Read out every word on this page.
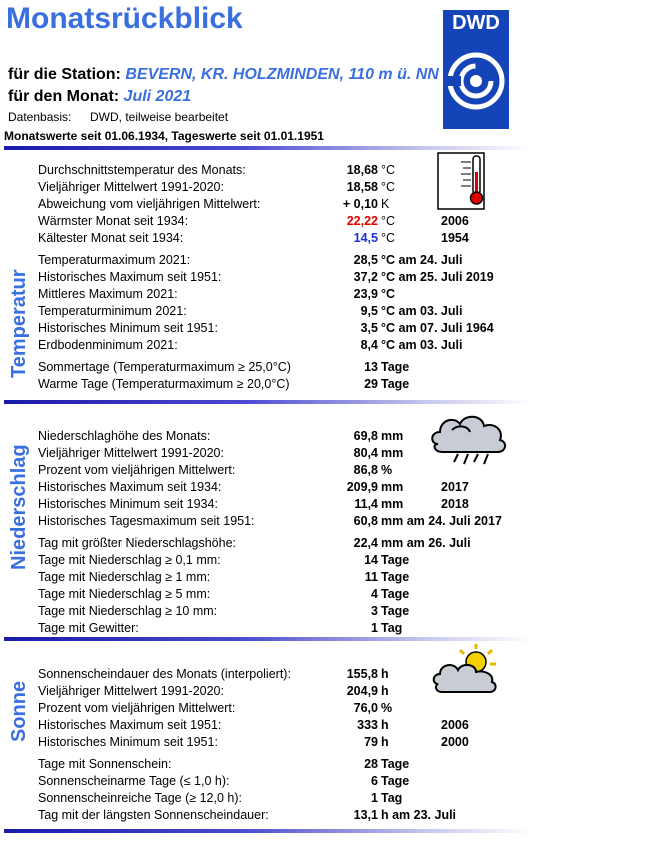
Monatsrückblick
für die Station: BEVERN, KR. HOLZMINDEN, 110 m ü. NN
für den Monat: Juli 2021
Datenbasis: DWD, teilweise bearbeitet
Monatswerte seit 01.06.1934, Tageswerte seit 01.01.1951
DWD
Temperatur
Niederschlag
Sonne
Durchschnittstemperatur des Monats:	18,68 °C
Vieljähriger Mittelwert 1991-2020:	18,58 °C
Abweichung vom vieljährigen Mittelwert:	+ 0,10 K
Wärmster Monat seit 1934:	22,22 °C	2006
Kältester Monat seit 1934:	14,5 °C	1954
Temperaturmaximum 2021:	28,5 °C am 24. Juli
Historisches Maximum seit 1951:	37,2 °C am 25. Juli 2019
Mittleres Maximum 2021:	23,9 °C
Temperaturminimum 2021:	9,5 °C am 03. Juli
Historisches Minimum seit 1951:	3,5 °C am 07. Juli 1964
Erdbodenminimum 2021:	8,4 °C am 03. Juli
Sommertage (Temperaturmaximum ≥ 25,0°C)	13 Tage
Warme Tage (Temperaturmaximum ≥ 20,0°C)	29 Tage
Niederschlaghöhe des Monats:	69,8 mm
Vieljähriger Mittelwert 1991-2020:	80,4 mm
Prozent vom vieljährigen Mittelwert:	86,8 %
Historisches Maximum seit 1934:	209,9 mm	2017
Historisches Minimum seit 1934:	11,4 mm	2018
Historisches Tagesmaximum seit 1951:	60,8 mm am 24. Juli 2017
Tag mit größter Niederschlagshöhe:	22,4 mm am 26. Juli
Tage mit Niederschlag ≥ 0,1 mm:	14 Tage
Tage mit Niederschlag ≥ 1 mm:	11 Tage
Tage mit Niederschlag ≥ 5 mm:	4 Tage
Tage mit Niederschlag ≥ 10 mm:	3 Tage
Tage mit Gewitter:	1 Tag
Sonnenscheindauer des Monats (interpoliert):	155,8 h
Vieljähriger Mittelwert 1991-2020:	204,9 h
Prozent vom vieljährigen Mittelwert:	76,0 %
Historisches Maximum seit 1951:	333 h	2006
Historisches Minimum seit 1951:	79 h	2000
Tage mit Sonnenschein:	28 Tage
Sonnenscheinarme Tage (≤ 1,0 h):	6 Tage
Sonnenscheinreiche Tage (≥ 12,0 h):	1 Tag
Tag mit der längsten Sonnenscheindauer:	13,1 h am 23. Juli
